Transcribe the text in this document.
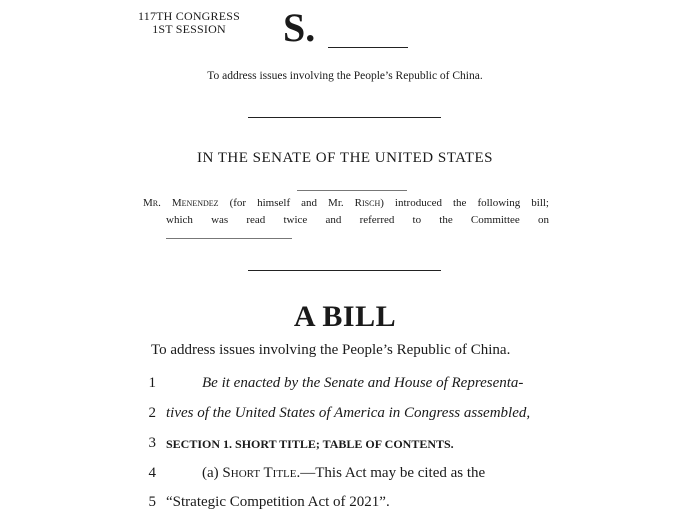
117TH CONGRESS
1ST SESSION	S.
To address issues involving the People’s Republic of China.
IN THE SENATE OF THE UNITED STATES
Mr. Menendez (for himself and Mr. Risch) introduced the following bill;
which was read twice and referred to the Committee on
A BILL
To address issues involving the People’s Republic of China.
1	Be it enacted by the Senate and House of Representa-
2 tives of the United States of America in Congress assembled,
3 SECTION 1. SHORT TITLE; TABLE OF CONTENTS.
4	(a) Short Title.—This Act may be cited as the
5 “Strategic Competition Act of 2021”.
